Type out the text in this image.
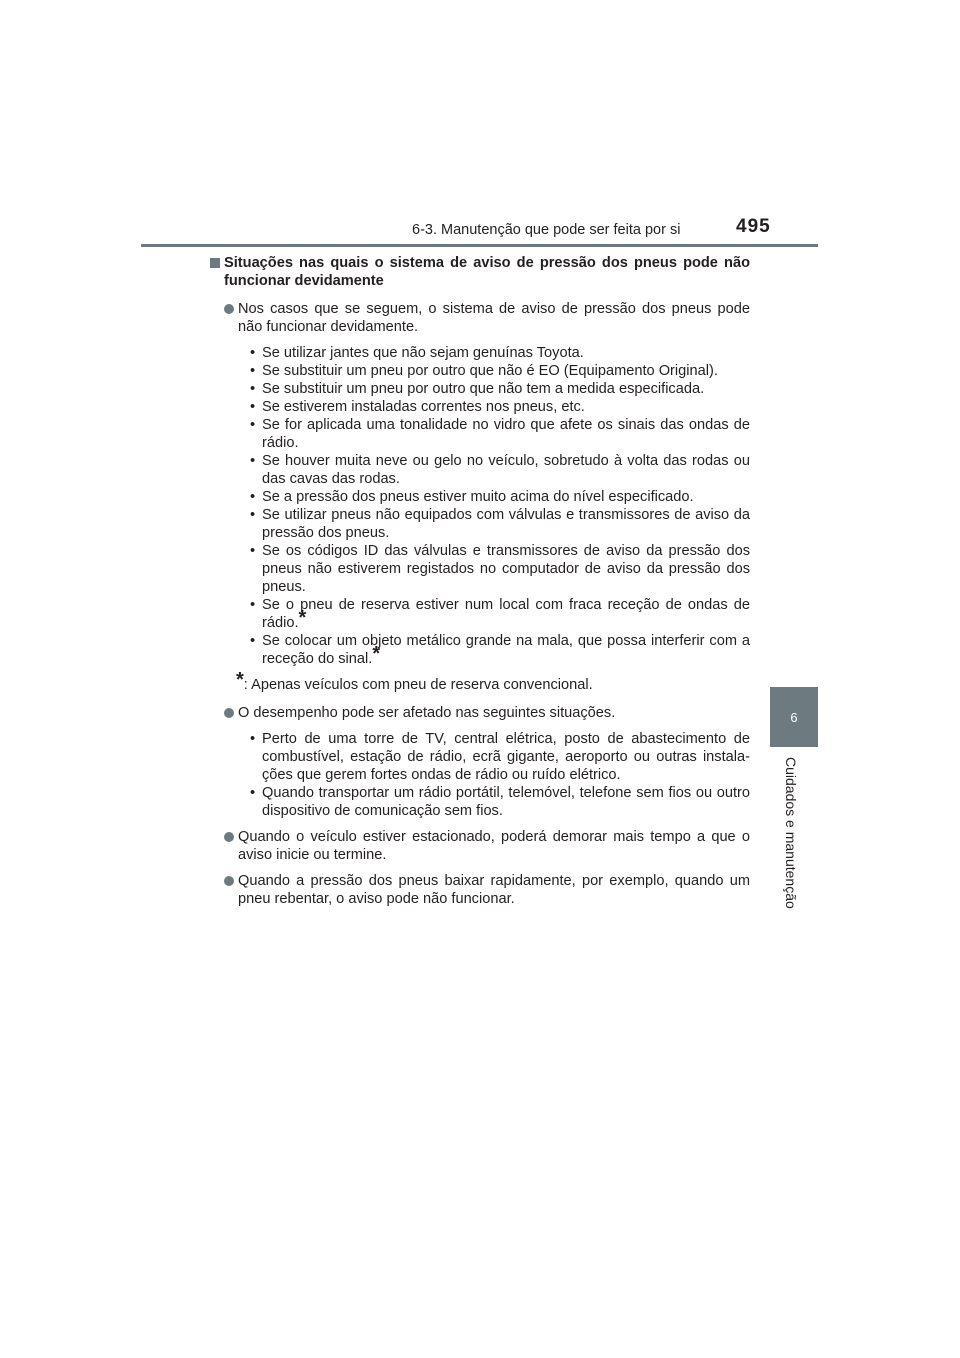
6-3. Manutenção que pode ser feita por si	495
6
Cuidados e manutenção
Situações nas quais o sistema de aviso de pressão dos pneus pode não funcionar devidamente
Nos casos que se seguem, o sistema de aviso de pressão dos pneus pode não funcionar devidamente.
• Se utilizar jantes que não sejam genuínas Toyota.
• Se substituir um pneu por outro que não é EO (Equipamento Original).
• Se substituir um pneu por outro que não tem a medida especificada.
• Se estiverem instaladas correntes nos pneus, etc.
• Se for aplicada uma tonalidade no vidro que afete os sinais das ondas de rádio.
• Se houver muita neve ou gelo no veículo, sobretudo à volta das rodas ou das cavas das rodas.
• Se a pressão dos pneus estiver muito acima do nível especificado.
• Se utilizar pneus não equipados com válvulas e transmissores de aviso da pressão dos pneus.
• Se os códigos ID das válvulas e transmissores de aviso da pressão dos pneus não estiverem registados no computador de aviso da pressão dos pneus.
• Se o pneu de reserva estiver num local com fraca receção de ondas de rádio.*
• Se colocar um objeto metálico grande na mala, que possa interferir com a receção do sinal.*
*: Apenas veículos com pneu de reserva convencional.
O desempenho pode ser afetado nas seguintes situações.
• Perto de uma torre de TV, central elétrica, posto de abastecimento de combustível, estação de rádio, ecrã gigante, aeroporto ou outras instala-ções que gerem fortes ondas de rádio ou ruído elétrico.
• Quando transportar um rádio portátil, telemóvel, telefone sem fios ou outro dispositivo de comunicação sem fios.
Quando o veículo estiver estacionado, poderá demorar mais tempo a que o aviso inicie ou termine.
Quando a pressão dos pneus baixar rapidamente, por exemplo, quando um pneu rebentar, o aviso pode não funcionar.
